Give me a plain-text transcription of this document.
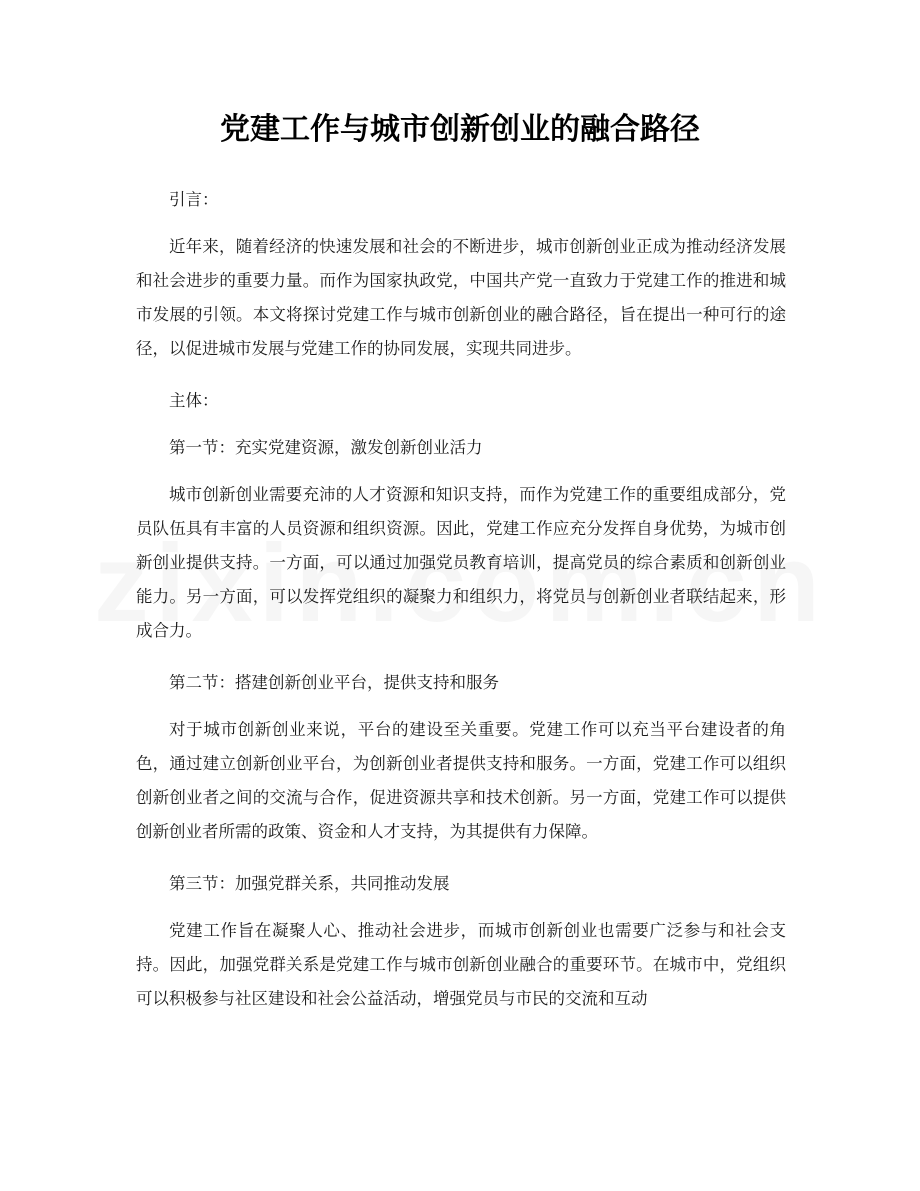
党建工作与城市创新创业的融合路径

引言：

近年来，随着经济的快速发展和社会的不断进步，城市创新创业正成为推动经济发展和社会进步的重要力量。而作为国家执政党，中国共产党一直致力于党建工作的推进和城市发展的引领。本文将探讨党建工作与城市创新创业的融合路径，旨在提出一种可行的途径，以促进城市发展与党建工作的协同发展，实现共同进步。

主体：

第一节：充实党建资源，激发创新创业活力

城市创新创业需要充沛的人才资源和知识支持，而作为党建工作的重要组成部分，党员队伍具有丰富的人员资源和组织资源。因此，党建工作应充分发挥自身优势，为城市创新创业提供支持。一方面，可以通过加强党员教育培训，提高党员的综合素质和创新创业能力。另一方面，可以发挥党组织的凝聚力和组织力，将党员与创新创业者联结起来，形成合力。

第二节：搭建创新创业平台，提供支持和服务

对于城市创新创业来说，平台的建设至关重要。党建工作可以充当平台建设者的角色，通过建立创新创业平台，为创新创业者提供支持和服务。一方面，党建工作可以组织创新创业者之间的交流与合作，促进资源共享和技术创新。另一方面，党建工作可以提供创新创业者所需的政策、资金和人才支持，为其提供有力保障。

第三节：加强党群关系，共同推动发展

党建工作旨在凝聚人心、推动社会进步，而城市创新创业也需要广泛参与和社会支持。因此，加强党群关系是党建工作与城市创新创业融合的重要环节。在城市中，党组织可以积极参与社区建设和社会公益活动，增强党员与市民的交流和互动
